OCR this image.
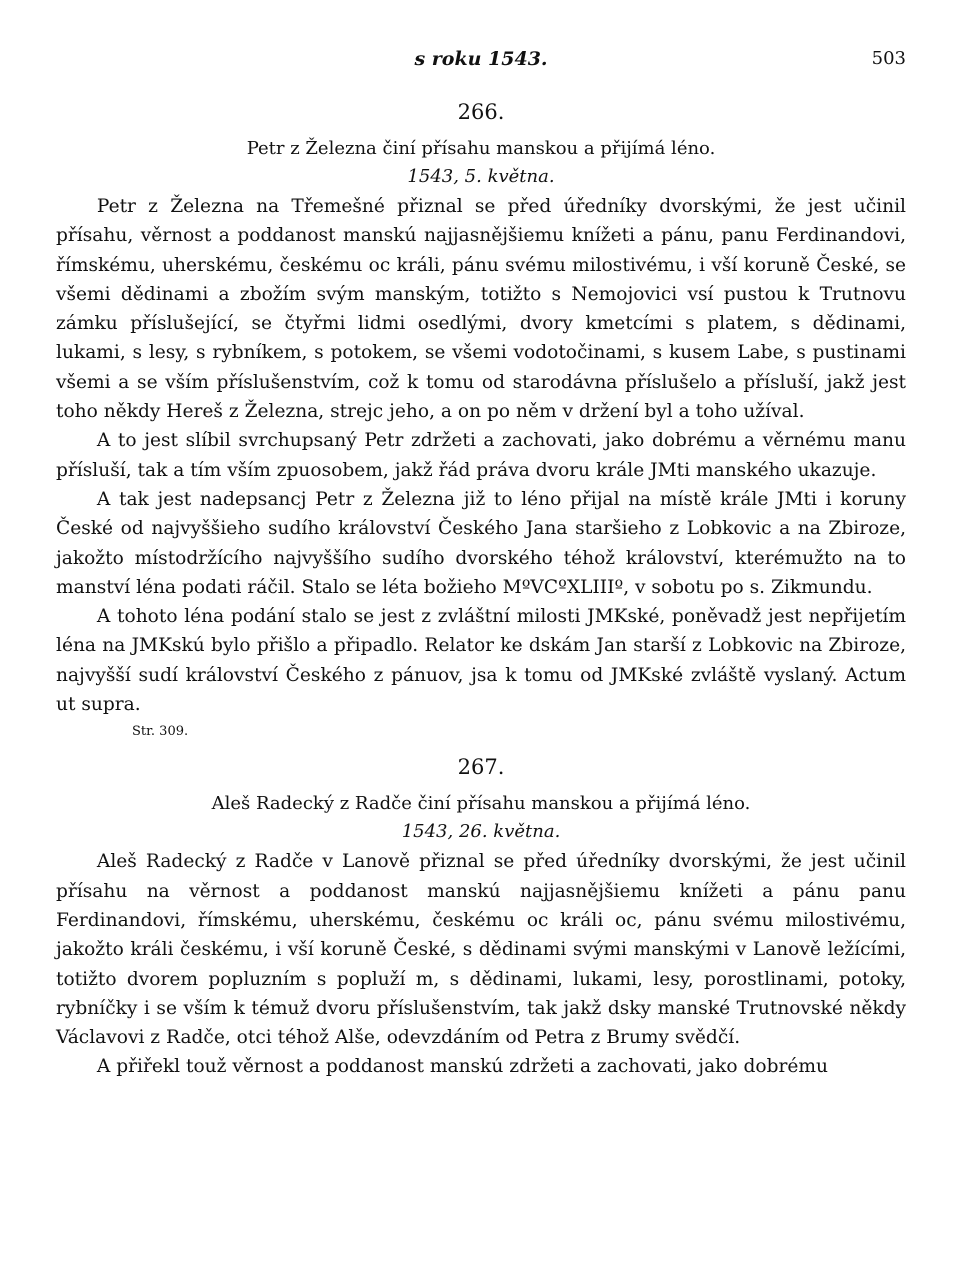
s roku 1543.	503
266.
Petr z Železna činí přísahu manskou a přijímá léno.
1543, 5. května.

Petr z Železna na Třemešné přiznal se před úředníky dvorskými, že jest učinil přísahu, věrnost a poddanost manskú najjasnějšiemu knížeti a pánu, panu Ferdinandovi, římskému, uherskému, českému oc králi, pánu svému milostivému, i vší koruně České, se všemi dědinami a zbožím svým manským, totižto s Nemojovici vsí pustou k Trutnovu zámku příslušející, se čtyřmi lidmi osedlými, dvory kmetcími s platem, s dědinami, lukami, s lesy, s rybníkem, s potokem, se všemi vodotočinami, s kusem Labe, s pustinami všemi a se vším příslušenstvím, což k tomu od starodávna příslušelo a přísluší, jakž jest toho někdy Hereš z Železna, strejc jeho, a on po něm v držení byl a toho užíval.

A to jest slíbil svrchupsaný Petr zdržeti a zachovati, jako dobrému a věrnému manu přísluší, tak a tím vším zpuosobem, jakž řád práva dvoru krále JMti manského ukazuje.

A tak jest nadepsancj Petr z Železna již to léno přijal na místě krále JMti i koruny České od najvyššieho sudího království Českého Jana staršieho z Lobkovic a na Zbiroze, jakožto místodržícího najvyššího sudího dvorského téhož království, kterémužto na to manství léna podati ráčil. Stalo se léta božieho MºVCºXLIIIº, v sobotu po s. Zikmundu.

A tohoto léna podání stalo se jest z zvláštní milosti JMKské, poněvadž jest nepřijetím léna na JMKskú bylo přišlo a připadlo. Relator ke dskám Jan starší z Lobkovic na Zbiroze, najvyšší sudí království Českého z pánuov, jsa k tomu od JMKské zvláště vyslaný. Actum ut supra.

Str. 309.
267.
Aleš Radecký z Radče činí přísahu manskou a přijímá léno.
1543, 26. května.

Aleš Radecký z Radče v Lanově přiznal se před úředníky dvorskými, že jest učinil přísahu na věrnost a poddanost manskú najjasnějšiemu knížeti a pánu panu Ferdinandovi, římskému, uherskému, českému oc králi oc, pánu svému milostivému, jakožto králi českému, i vší koruně České, s dědinami svými manskými v Lanově ležícími, totižto dvorem popluzním s popluží m, s dědinami, lukami, lesy, porostlinami, potoky, rybníčky i se vším k témuž dvoru příslušenstvím, tak jakž dsky manské Trutnovské někdy Václavovi z Radče, otci téhož Alše, odevzdáním od Petra z Brumy svědčí.

A přiřekl touž věrnost a poddanost manskú zdržeti a zachovati, jako dobrému
